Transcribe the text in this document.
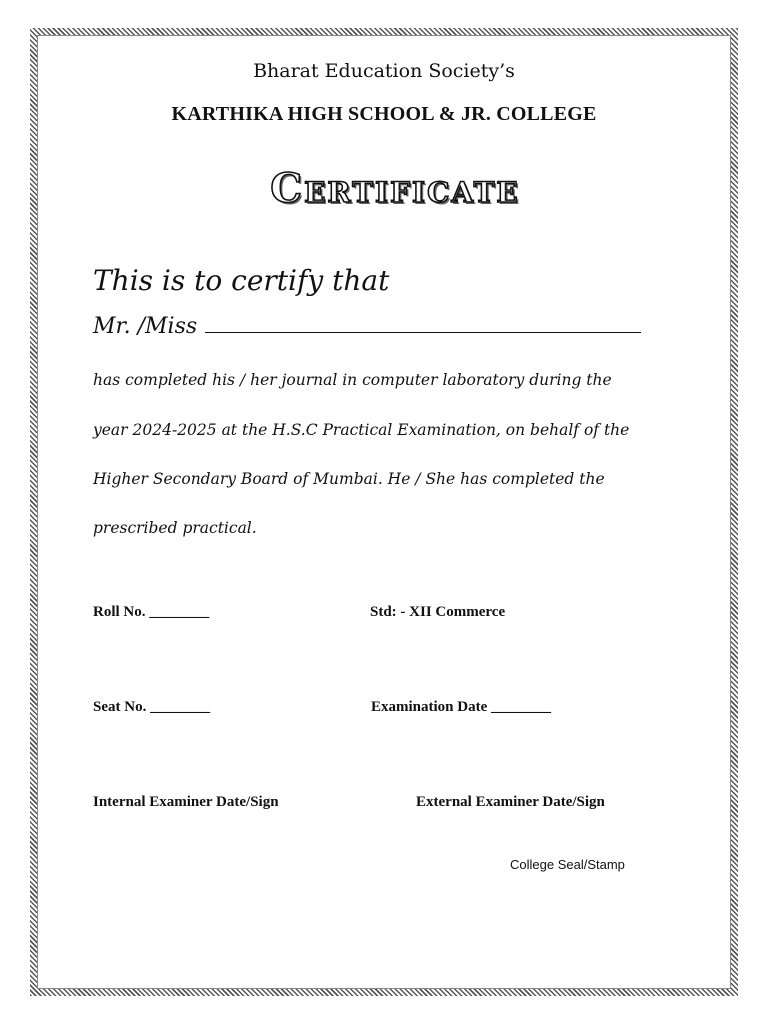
Bharat Education Society’s
KARTHIKA HIGH SCHOOL & JR. COLLEGE
Certificate
This is to certify that
Mr. /Miss
has completed his / her journal in computer laboratory during the
year 2024-2025 at the H.S.C Practical Examination, on behalf of the
Higher Secondary Board of Mumbai. He / She has completed the
prescribed practical.
Roll No. ________	Std: - XII Commerce
Seat No. ________	Examination Date ________
Internal Examiner Date/Sign	External Examiner Date/Sign
College Seal/Stamp
